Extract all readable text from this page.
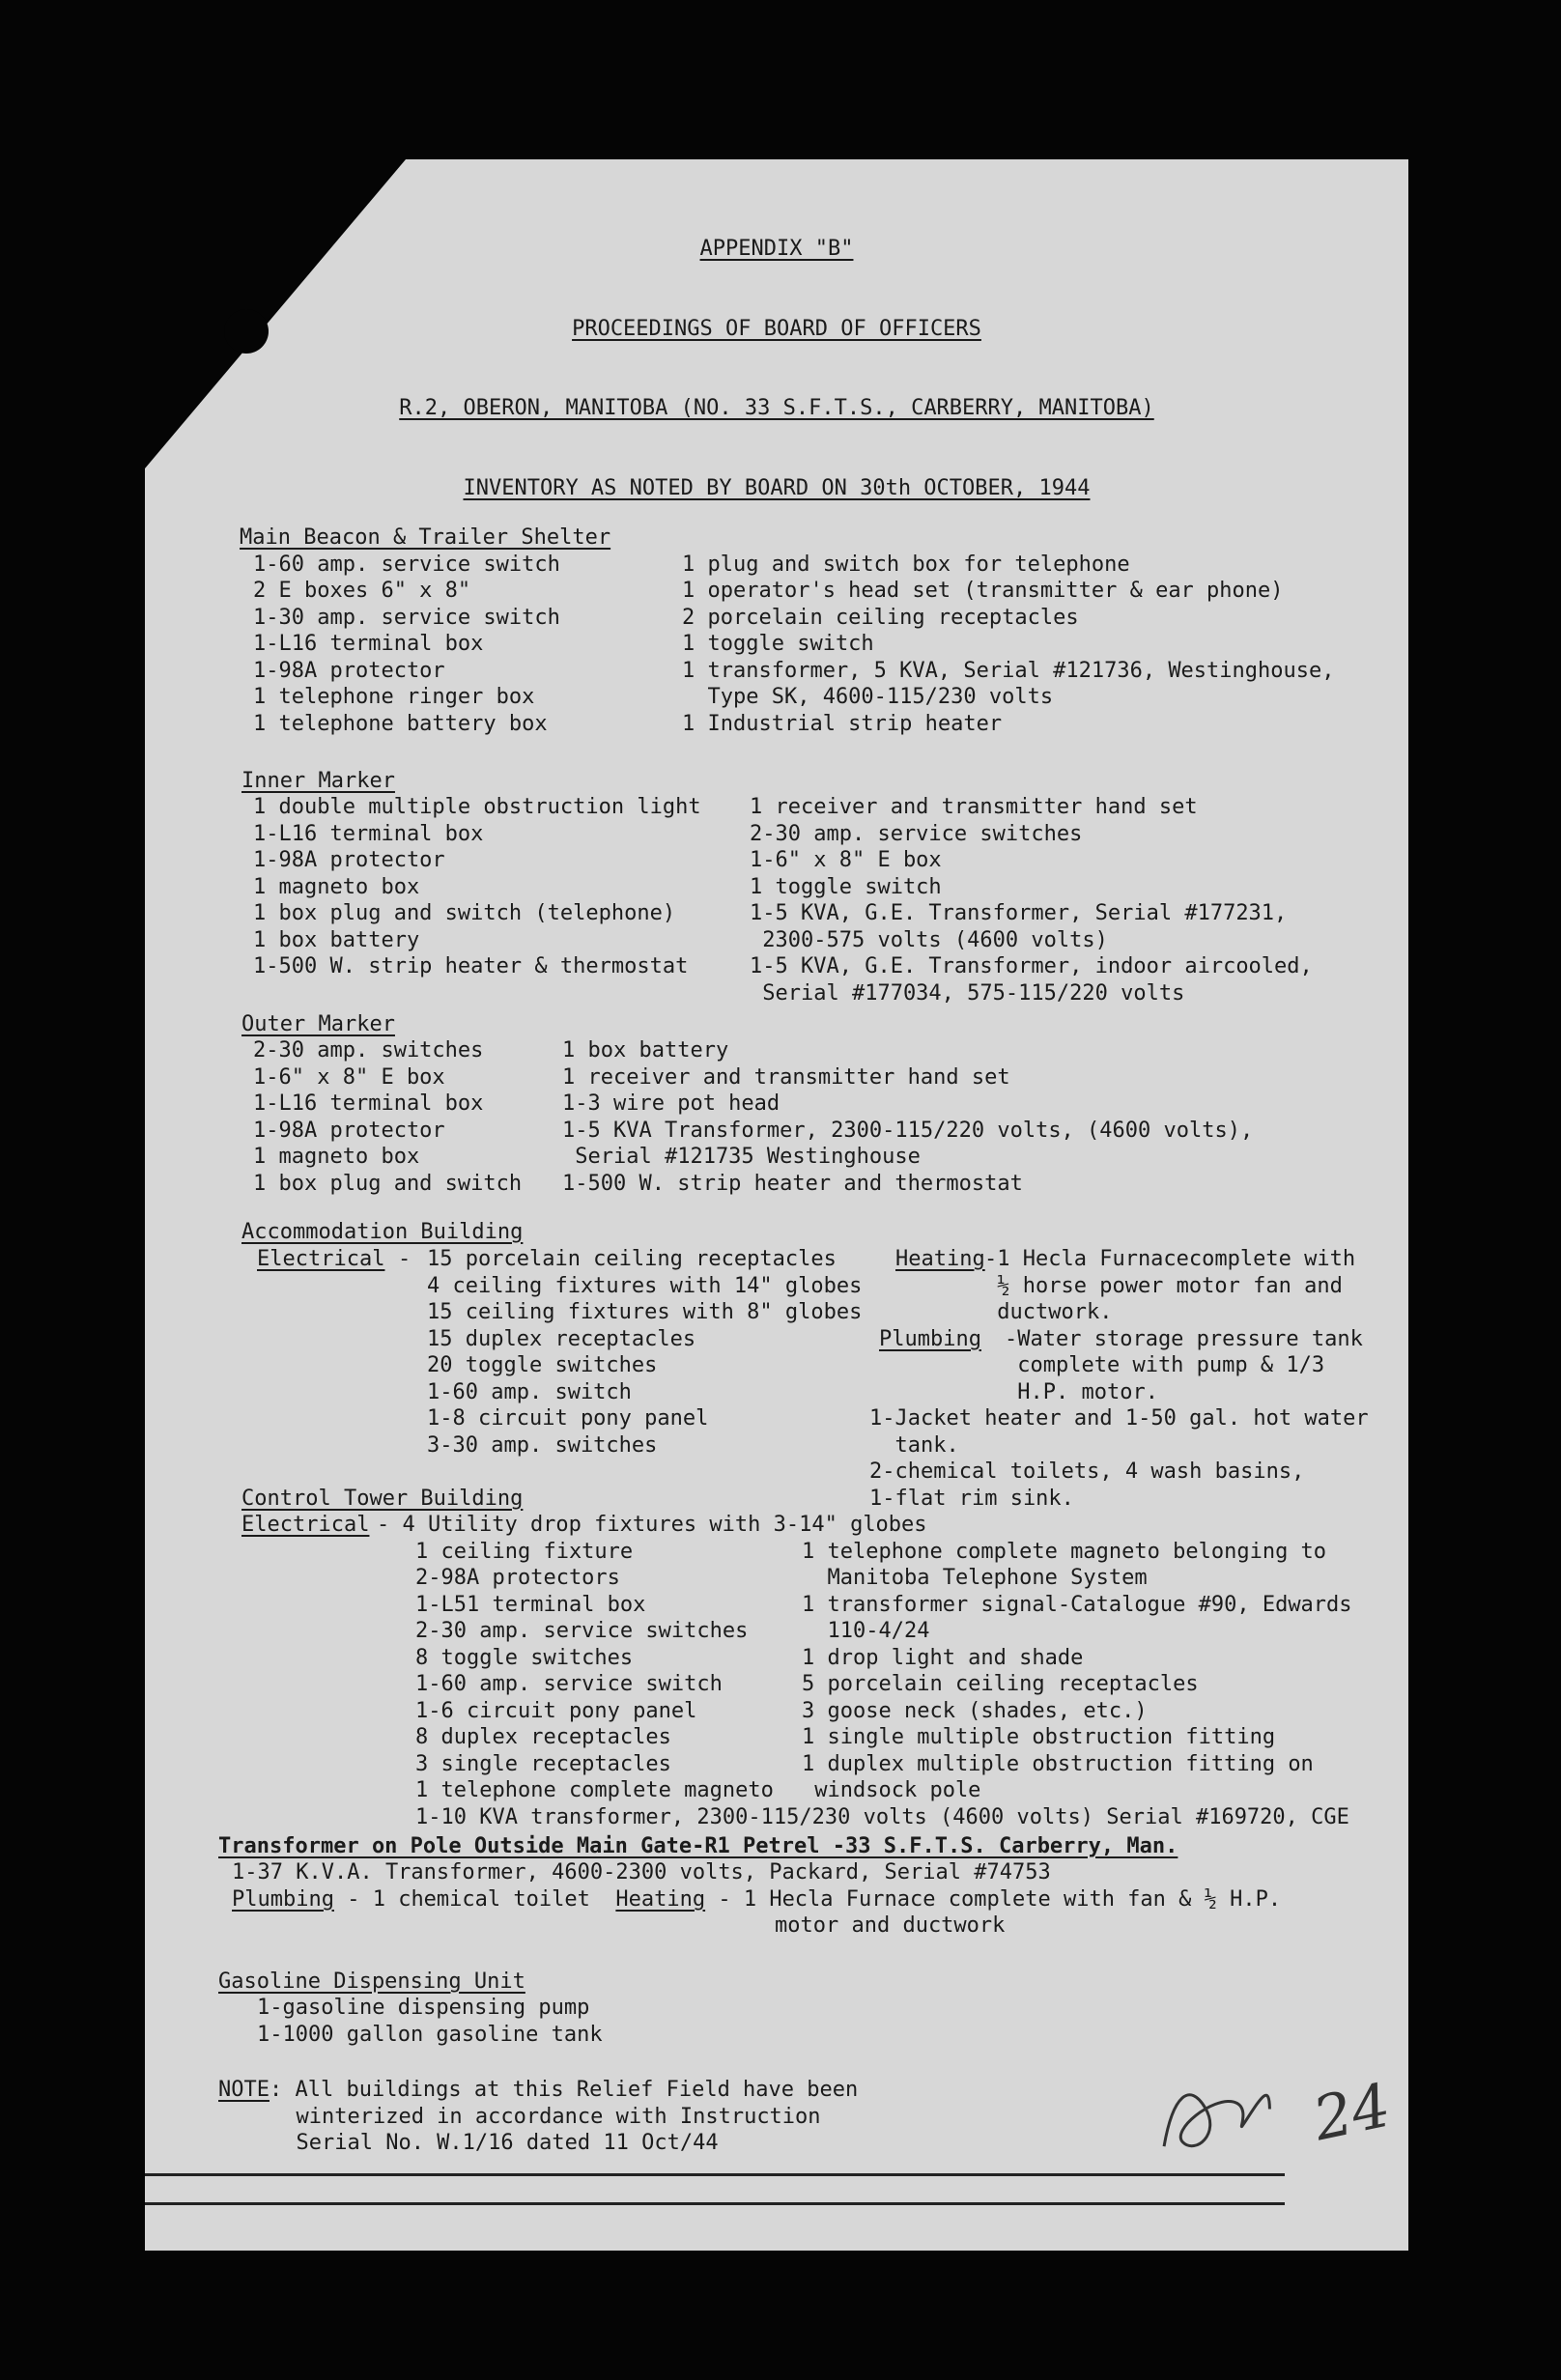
APPENDIX "B"
PROCEEDINGS OF BOARD OF OFFICERS
R.2, OBERON, MANITOBA (NO. 33 S.F.T.S., CARBERRY, MANITOBA)
INVENTORY AS NOTED BY BOARD ON 30th OCTOBER, 1944
Main Beacon & Trailer Shelter
1-60 amp. service switch
2 E boxes 6" x 8"
1-30 amp. service switch
1-L16 terminal box
1-98A protector
1 telephone ringer box
1 telephone battery box
1 plug and switch box for telephone
1 operator's head set (transmitter & ear phone)
2 porcelain ceiling receptacles
1 toggle switch
1 transformer, 5 KVA, Serial #121736, Westinghouse,
Type SK, 4600-115/230 volts
1 Industrial strip heater
Inner Marker
1 double multiple obstruction light
1-L16 terminal box
1-98A protector
1 magneto box
1 box plug and switch (telephone)
1 box battery
1-500 W. strip heater & thermostat
1 receiver and transmitter hand set
2-30 amp. service switches
1-6" x 8" E box
1 toggle switch
1-5 KVA, G.E. Transformer, Serial #177231,
2300-575 volts (4600 volts)
1-5 KVA, G.E. Transformer, indoor aircooled,
Serial #177034, 575-115/220 volts
Outer Marker
2-30 amp. switches
1-6" x 8" E box
1-L16 terminal box
1-98A protector
1 magneto box
1 box plug and switch
1 box battery
1 receiver and transmitter hand set
1-3 wire pot head
1-5 KVA Transformer, 2300-115/220 volts, (4600 volts),
Serial #121735 Westinghouse
1-500 W. strip heater and thermostat
Accommodation Building
Electrical - 15 porcelain ceiling receptacles
4 ceiling fixtures with 14" globes
15 ceiling fixtures with 8" globes
15 duplex receptacles
20 toggle switches
1-60 amp. switch
1-8 circuit pony panel
3-30 amp. switches
Heating -1 Hecla Furnacecomplete with
½ horse power motor fan and
ductwork.
Plumbing -Water storage pressure tank
complete with pump & 1/3
H.P. motor.
1-Jacket heater and 1-50 gal. hot water
tank.
2-chemical toilets, 4 wash basins,
1-flat rim sink.
Control Tower Building
Electrical - 4 Utility drop fixtures with 3-14" globes
1 ceiling fixture
2-98A protectors
1-L51 terminal box
2-30 amp. service switches
8 toggle switches
1-60 amp. service switch
1-6 circuit pony panel
8 duplex receptacles
3 single receptacles
1 telephone complete magneto
1 telephone complete magneto belonging to
Manitoba Telephone System
1 transformer signal-Catalogue #90, Edwards
110-4/24
1 drop light and shade
5 porcelain ceiling receptacles
3 goose neck (shades, etc.)
1 single multiple obstruction fitting
1 duplex multiple obstruction fitting on
windsock pole
1-10 KVA transformer, 2300-115/230 volts (4600 volts) Serial #169720, CGE
Transformer on Pole Outside Main Gate-R1 Petrel -33 S.F.T.S. Carberry, Man.
1-37 K.V.A. Transformer, 4600-2300 volts, Packard, Serial #74753
Plumbing - 1 chemical toilet  Heating - 1 Hecla Furnace complete with fan & ½ H.P.
motor and ductwork
Gasoline Dispensing Unit
1-gasoline dispensing pump
1-1000 gallon gasoline tank
NOTE: All buildings at this Relief Field have been
winterized in accordance with Instruction
Serial No. W.1/16 dated 11 Oct/44	24
